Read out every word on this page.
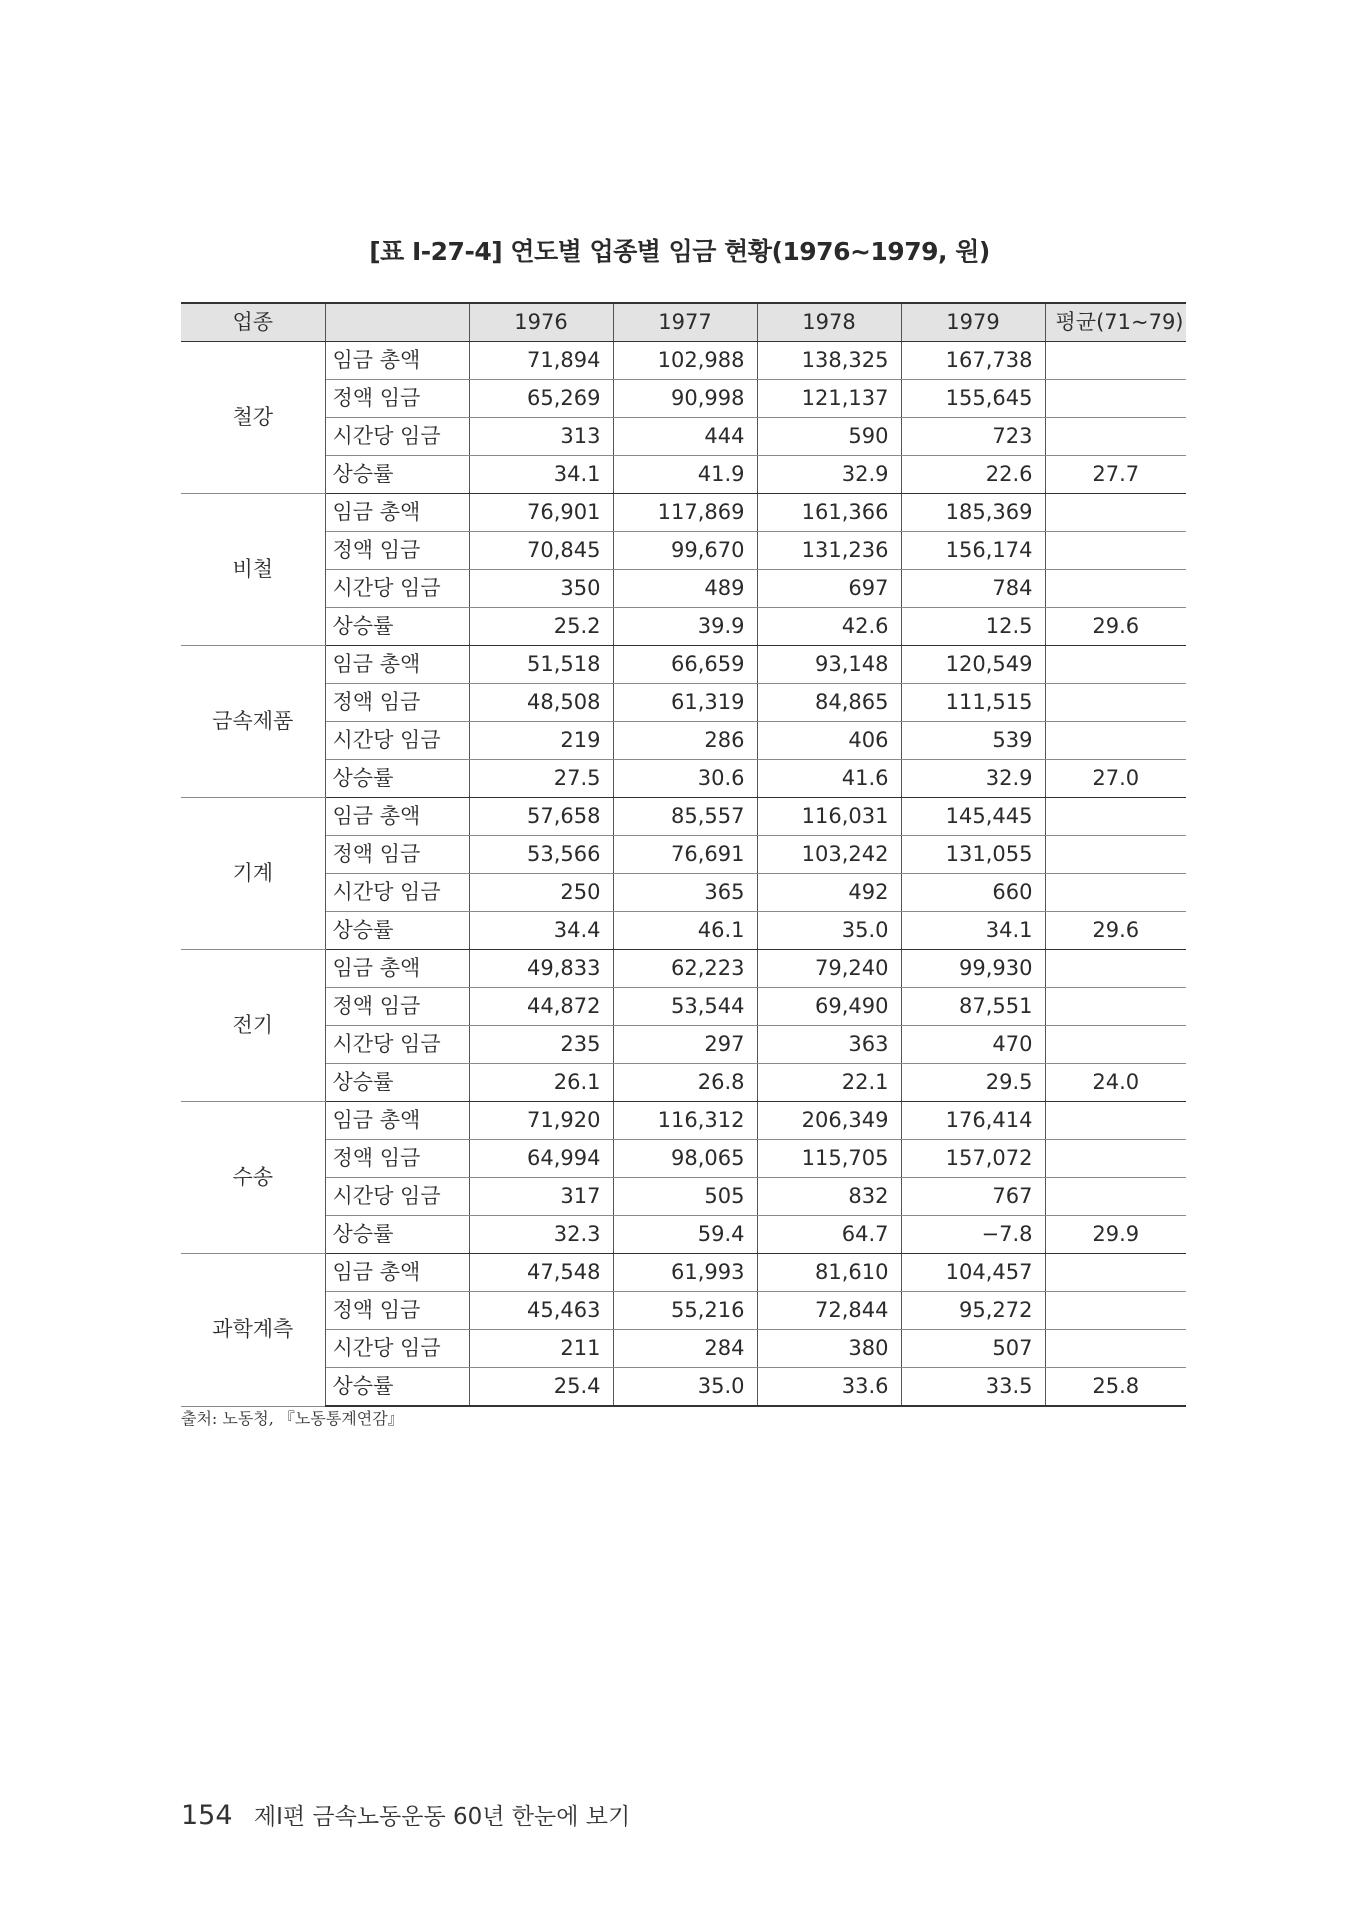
[표 Ⅰ-27-4] 연도별 업종별 임금 현황(1976~1979, 원)
업종		1976	1977	1978	1979	평균(71~79)
철강	임금 총액	71,894	102,988	138,325	167,738	
	정액 임금	65,269	90,998	121,137	155,645	
	시간당 임금	313	444	590	723	
	상승률	34.1	41.9	32.9	22.6	27.7
비철	임금 총액	76,901	117,869	161,366	185,369	
	정액 임금	70,845	99,670	131,236	156,174	
	시간당 임금	350	489	697	784	
	상승률	25.2	39.9	42.6	12.5	29.6
금속제품	임금 총액	51,518	66,659	93,148	120,549	
	정액 임금	48,508	61,319	84,865	111,515	
	시간당 임금	219	286	406	539	
	상승률	27.5	30.6	41.6	32.9	27.0
기계	임금 총액	57,658	85,557	116,031	145,445	
	정액 임금	53,566	76,691	103,242	131,055	
	시간당 임금	250	365	492	660	
	상승률	34.4	46.1	35.0	34.1	29.6
전기	임금 총액	49,833	62,223	79,240	99,930	
	정액 임금	44,872	53,544	69,490	87,551	
	시간당 임금	235	297	363	470	
	상승률	26.1	26.8	22.1	29.5	24.0
수송	임금 총액	71,920	116,312	206,349	176,414	
	정액 임금	64,994	98,065	115,705	157,072	
	시간당 임금	317	505	832	767	
	상승률	32.3	59.4	64.7	−7.8	29.9
과학계측	임금 총액	47,548	61,993	81,610	104,457	
	정액 임금	45,463	55,216	72,844	95,272	
	시간당 임금	211	284	380	507	
	상승률	25.4	35.0	33.6	33.5	25.8
출처: 노동청, 『노동통계연감』
154 제Ⅰ편 금속노동운동 60년 한눈에 보기
